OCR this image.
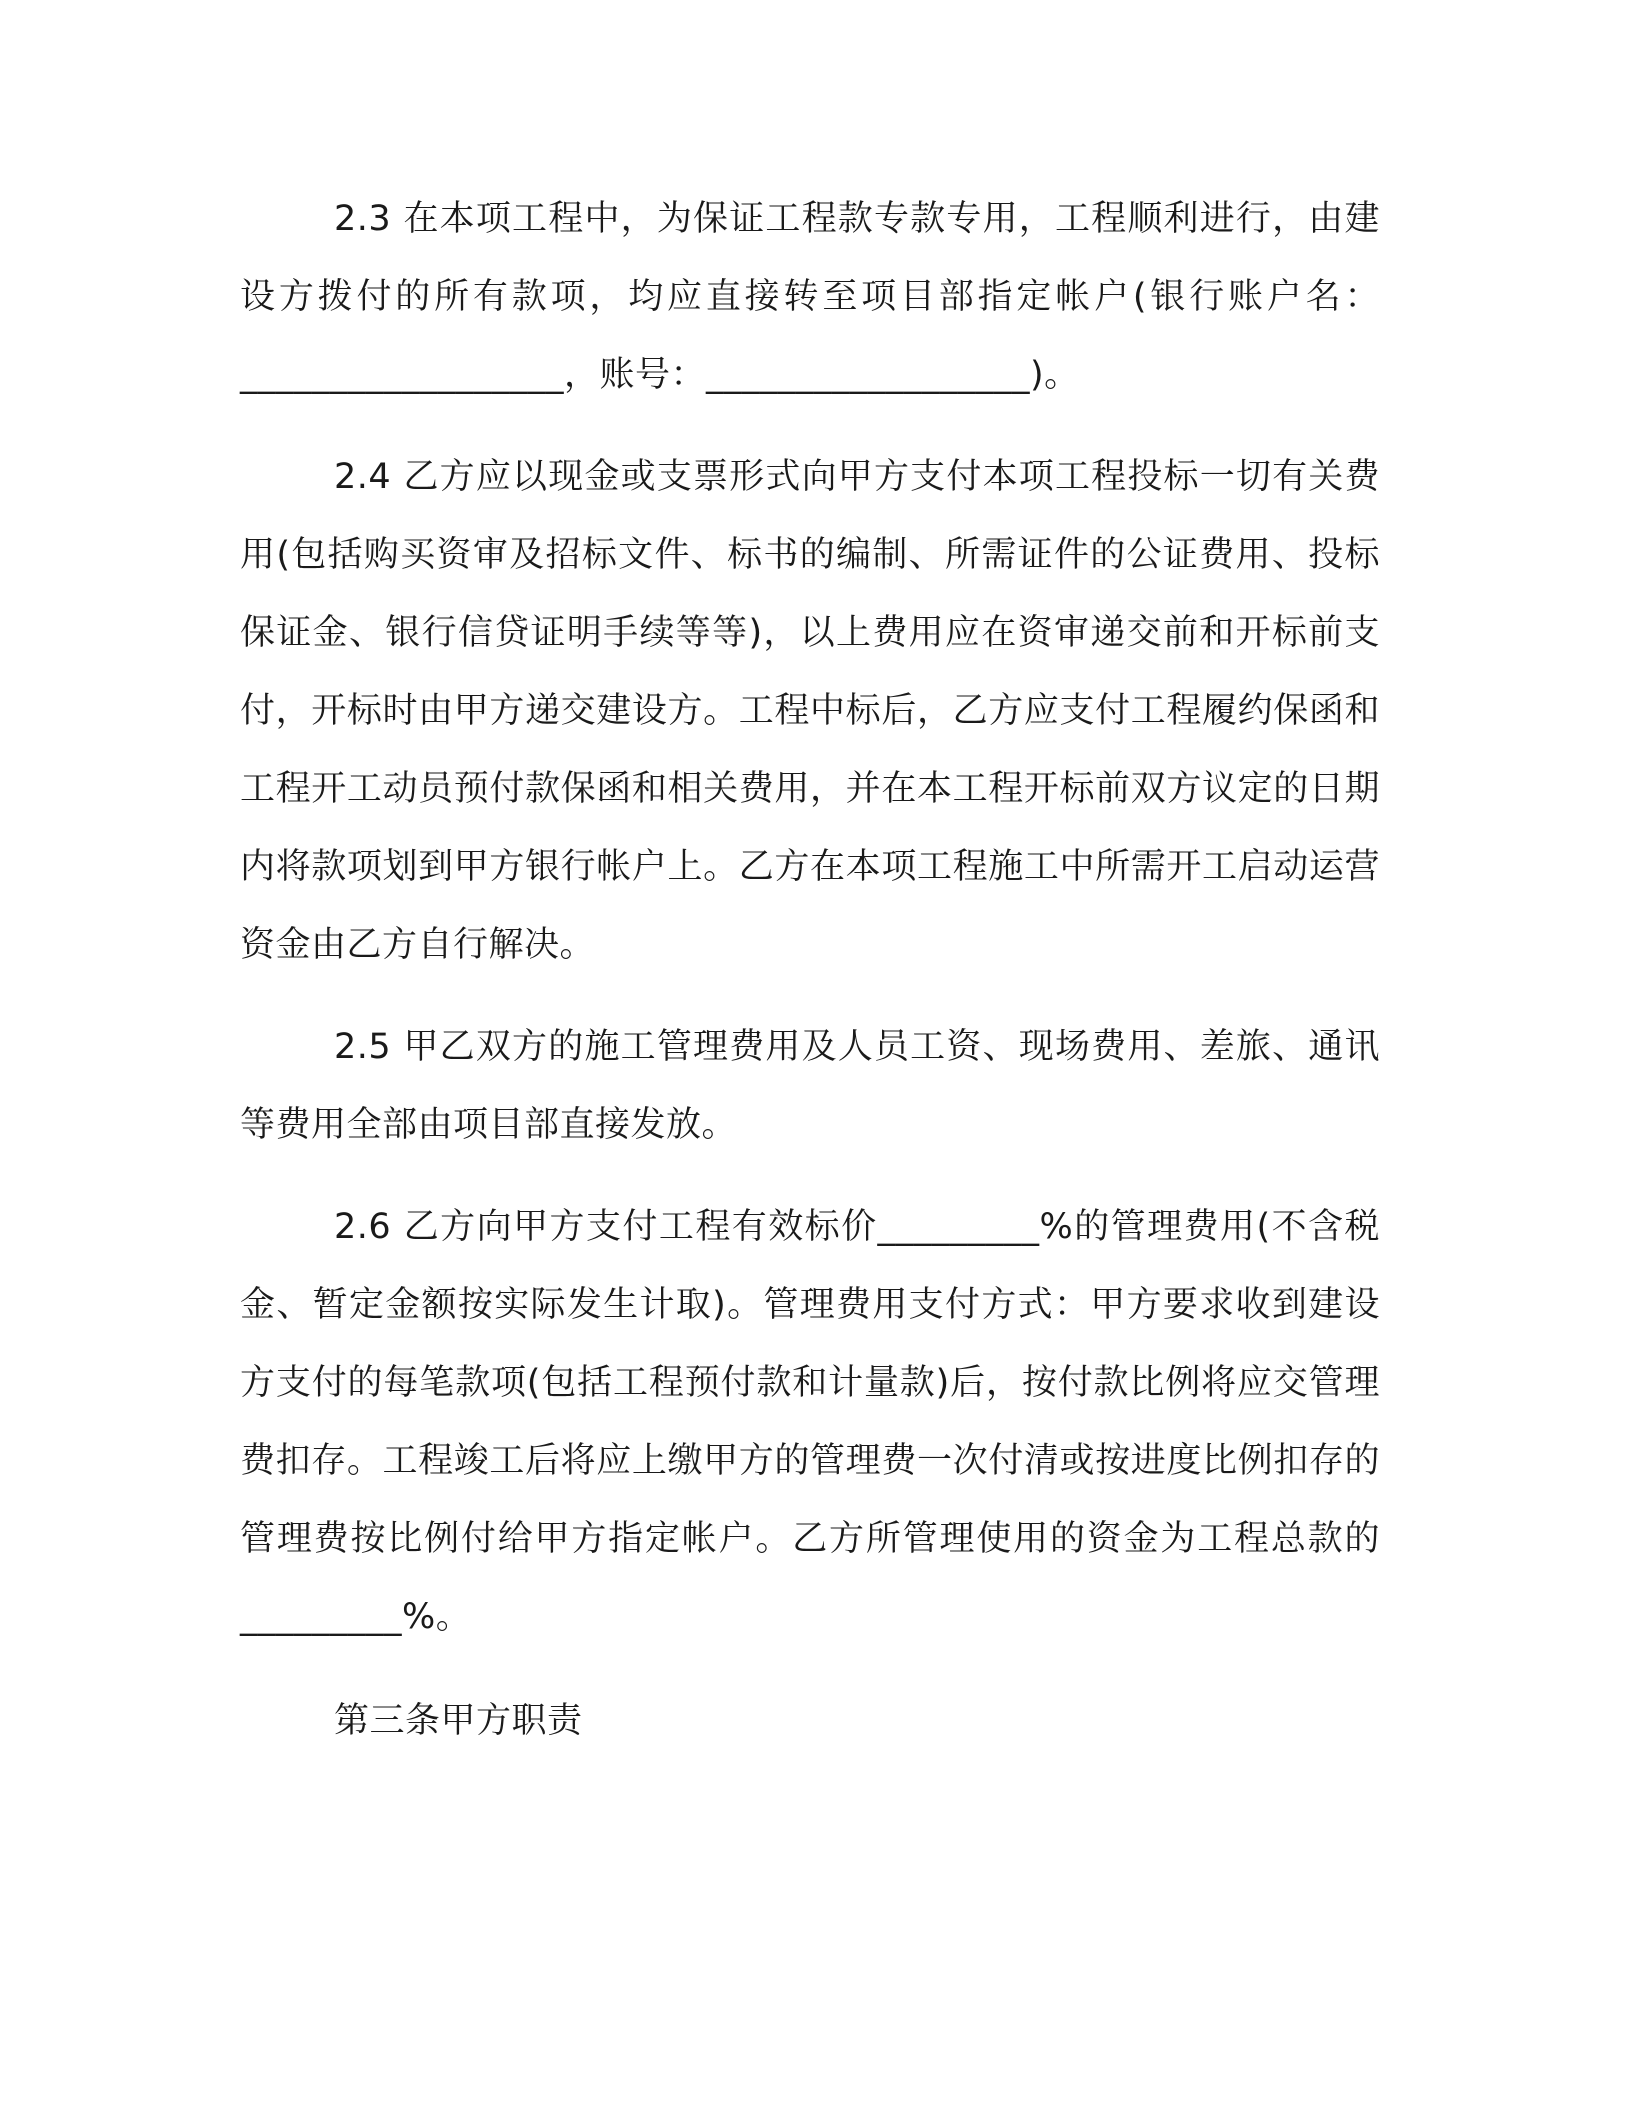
2.3 在本项工程中，为保证工程款专款专用，工程顺利进行，由建设方拨付的所有款项，均应直接转至项目部指定帐户(银行账户名：__________________，账号：__________________)。

2.4 乙方应以现金或支票形式向甲方支付本项工程投标一切有关费用(包括购买资审及招标文件、标书的编制、所需证件的公证费用、投标保证金、银行信贷证明手续等等)，以上费用应在资审递交前和开标前支付，开标时由甲方递交建设方。工程中标后，乙方应支付工程履约保函和工程开工动员预付款保函和相关费用，并在本工程开标前双方议定的日期内将款项划到甲方银行帐户上。乙方在本项工程施工中所需开工启动运营资金由乙方自行解决。

2.5 甲乙双方的施工管理费用及人员工资、现场费用、差旅、通讯等费用全部由项目部直接发放。

2.6 乙方向甲方支付工程有效标价_________%的管理费用(不含税金、暂定金额按实际发生计取)。管理费用支付方式：甲方要求收到建设方支付的每笔款项(包括工程预付款和计量款)后，按付款比例将应交管理费扣存。工程竣工后将应上缴甲方的管理费一次付清或按进度比例扣存的管理费按比例付给甲方指定帐户。乙方所管理使用的资金为工程总款的_________%。

第三条甲方职责
